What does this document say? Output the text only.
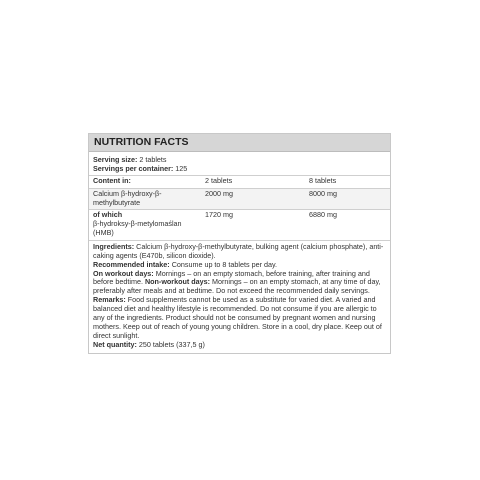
NUTRITION FACTS
Serving size: 2 tablets
Servings per container: 125
Content in:	2 tablets	8 tablets
Calcium β-hydroxy-β-methylbutyrate	2000 mg	8000 mg

of which
β-hydroksy-β-metylomaślan (HMB)	1720 mg	6880 mg
Ingredients: Calcium β-hydroxy-β-methylbutyrate, bulking agent (calcium phosphate), anti-caking agents (E470b, silicon dioxide).
Recommended intake: Consume up to 8 tablets per day.
On workout days: Mornings – on an empty stomach, before training, after training and before bedtime. Non-workout days: Mornings – on an empty stomach, at any time of day, preferably after meals and at bedtime. Do not exceed the recommended daily servings.
Remarks: Food supplements cannot be used as a substitute for varied diet. A varied and balanced diet and healthy lifestyle is recommended. Do not consume if you are allergic to any of the ingredients. Product should not be consumed by pregnant women and nursing mothers. Keep out of reach of young young children. Store in a cool, dry place. Keep out of direct sunlight.
Net quantity: 250 tablets (337,5 g)
